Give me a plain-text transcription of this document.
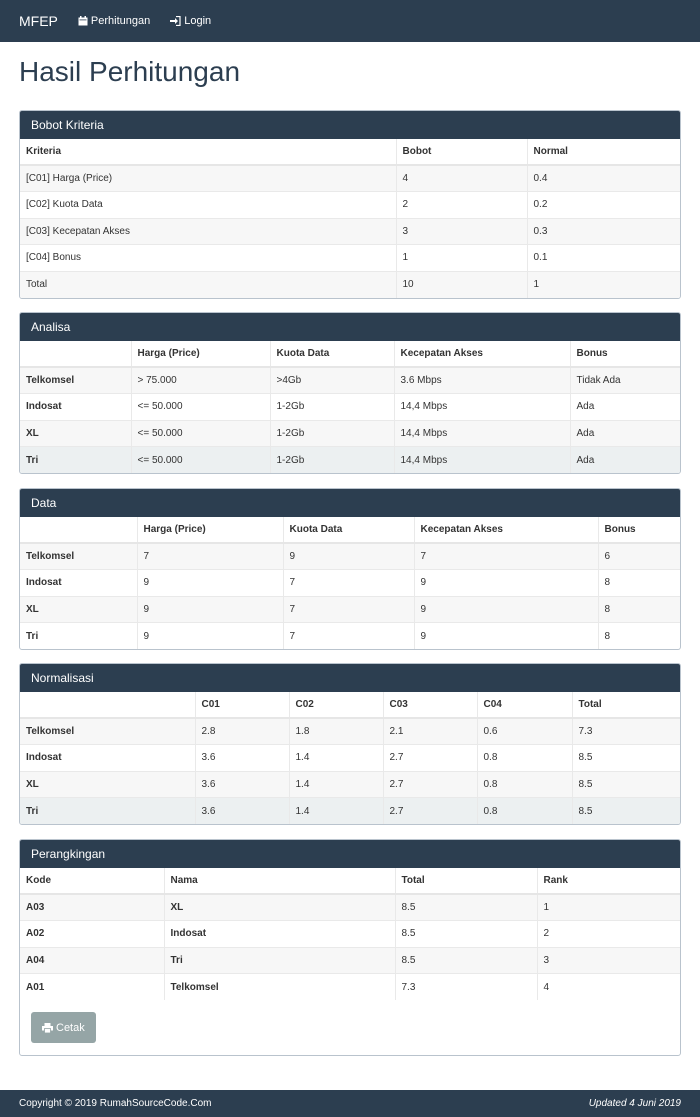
MFEP	Perhitungan	Login
Hasil Perhitungan
Bobot Kriteria
Kriteria	Bobot	Normal
[C01] Harga (Price)	4	0.4
[C02] Kuota Data	2	0.2
[C03] Kecepatan Akses	3	0.3
[C04] Bonus	1	0.1
Total	10	1
Analisa
	Harga (Price)	Kuota Data	Kecepatan Akses	Bonus
Telkomsel	> 75.000	>4Gb	3.6 Mbps	Tidak Ada
Indosat	<= 50.000	1-2Gb	14,4 Mbps	Ada
XL	<= 50.000	1-2Gb	14,4 Mbps	Ada
Tri	<= 50.000	1-2Gb	14,4 Mbps	Ada
Data
	Harga (Price)	Kuota Data	Kecepatan Akses	Bonus
Telkomsel	7	9	7	6
Indosat	9	7	9	8
XL	9	7	9	8
Tri	9	7	9	8
Normalisasi
	C01	C02	C03	C04	Total
Telkomsel	2.8	1.8	2.1	0.6	7.3
Indosat	3.6	1.4	2.7	0.8	8.5
XL	3.6	1.4	2.7	0.8	8.5
Tri	3.6	1.4	2.7	0.8	8.5
Perangkingan
Kode	Nama	Total	Rank
A03	XL	8.5	1
A02	Indosat	8.5	2
A04	Tri	8.5	3
A01	Telkomsel	7.3	4
Cetak
Copyright © 2019 RumahSourceCode.Com	Updated 4 Juni 2019
